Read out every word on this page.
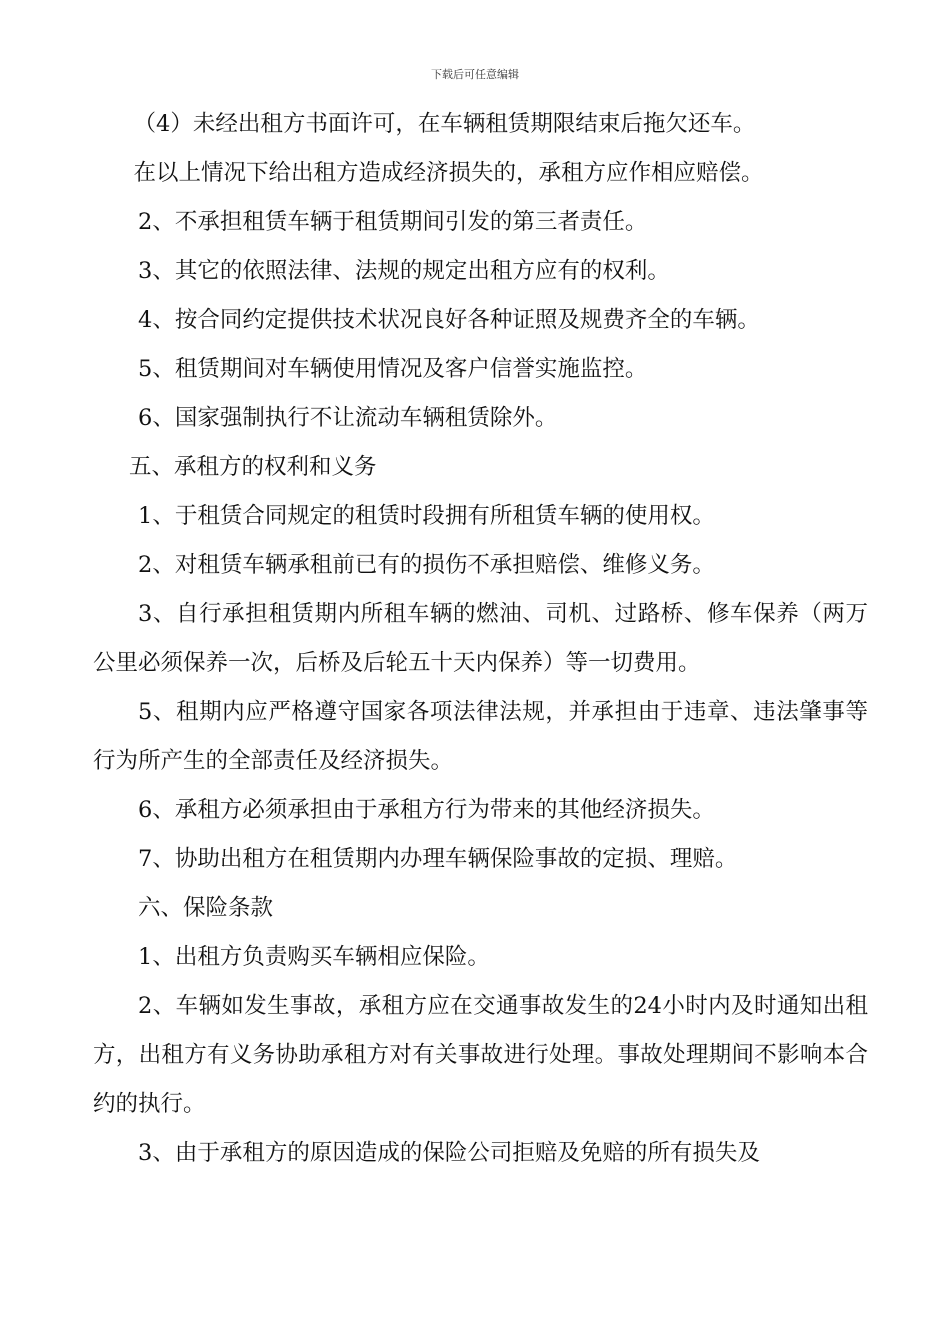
下载后可任意编辑

（4）未经出租方书面许可，在车辆租赁期限结束后拖欠还车。

在以上情况下给出租方造成经济损失的，承租方应作相应赔偿。

2、不承担租赁车辆于租赁期间引发的第三者责任。

3、其它的依照法律、法规的规定出租方应有的权利。

4、按合同约定提供技术状况良好各种证照及规费齐全的车辆。

5、租赁期间对车辆使用情况及客户信誉实施监控。

6、国家强制执行不让流动车辆租赁除外。

五、承租方的权利和义务

1、于租赁合同规定的租赁时段拥有所租赁车辆的使用权。

2、对租赁车辆承租前已有的损伤不承担赔偿、维修义务。

3、自行承担租赁期内所租车辆的燃油、司机、过路桥、修车保养（两万公里必须保养一次，后桥及后轮五十天内保养）等一切费用。

5、租期内应严格遵守国家各项法律法规，并承担由于违章、违法肇事等行为所产生的全部责任及经济损失。

6、承租方必须承担由于承租方行为带来的其他经济损失。

7、协助出租方在租赁期内办理车辆保险事故的定损、理赔。

六、保险条款

1、出租方负责购买车辆相应保险。

2、车辆如发生事故，承租方应在交通事故发生的24小时内及时通知出租方，出租方有义务协助承租方对有关事故进行处理。事故处理期间不影响本合约的执行。

3、由于承租方的原因造成的保险公司拒赔及免赔的所有损失及
